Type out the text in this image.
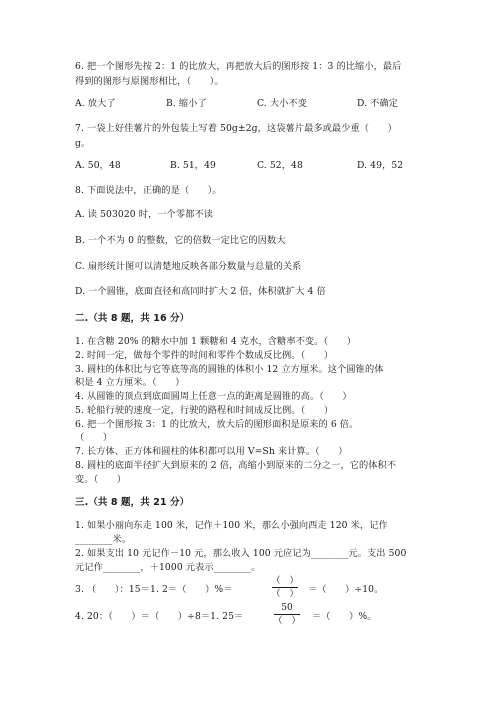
6. 把一个图形先按 2：1 的比放大，再把放大后的图形按 1：3 的比缩小，最后
得到的图形与原图形相比，（　　）。
A. 放大了	B. 缩小了	C. 大小不变	D. 不确定
7. 一袋上好佳薯片的外包装上写着 50g±2g，这袋薯片最多或最少重（　　）
g。
A. 50，48	B. 51，49	C. 52，48	D. 49，52
8. 下面说法中，正确的是（　　）。
A. 读 503020 时，一个零都不读
B. 一个不为 0 的整数，它的倍数一定比它的因数大
C. 扇形统计图可以清楚地反映各部分数量与总量的关系
D. 一个圆锥，底面直径和高同时扩大 2 倍，体积就扩大 4 倍
二.（共 8 题，共 16 分）
1. 在含糖 20% 的糖水中加 1 颗糖和 4 克水，含糖率不变。（　　）
2. 时间一定，做每个零件的时间和零件个数成反比例。（　　）
3. 圆柱的体积比与它等底等高的圆锥的体积小 12 立方厘米。这个圆锥的体
积是 4 立方厘米。（　　）
4. 从圆锥的顶点到底面圆周上任意一点的距离是圆锥的高。（　　）
5. 轮船行驶的速度一定，行驶的路程和时间成反比例。（　　）
6. 把一个图形按 3：1 的比放大，放大后的图形面积是原来的 6 倍。
（　　）
7. 长方体、正方体和圆柱的体积都可以用 V=Sh 来计算。（　　）
8. 圆柱的底面半径扩大到原来的 2 倍，高缩小到原来的二分之一，它的体积不
变。（　　）
三.（共 8 题，共 21 分）
1. 如果小丽向东走 100 米，记作＋100 米，那么小强向西走 120 米，记作
________米。
2. 如果支出 10 元记作－10 元，那么收入 100 元应记为________元。支出 500
元记作________，＋1000 元表示________。
3. （　　）：15＝1. 2＝（　　）%＝
（　）
（　） ＝（　　）÷10。
4. 20：（　　）＝（　　）÷8＝1. 25＝
50
（　） ＝（　　）%。
